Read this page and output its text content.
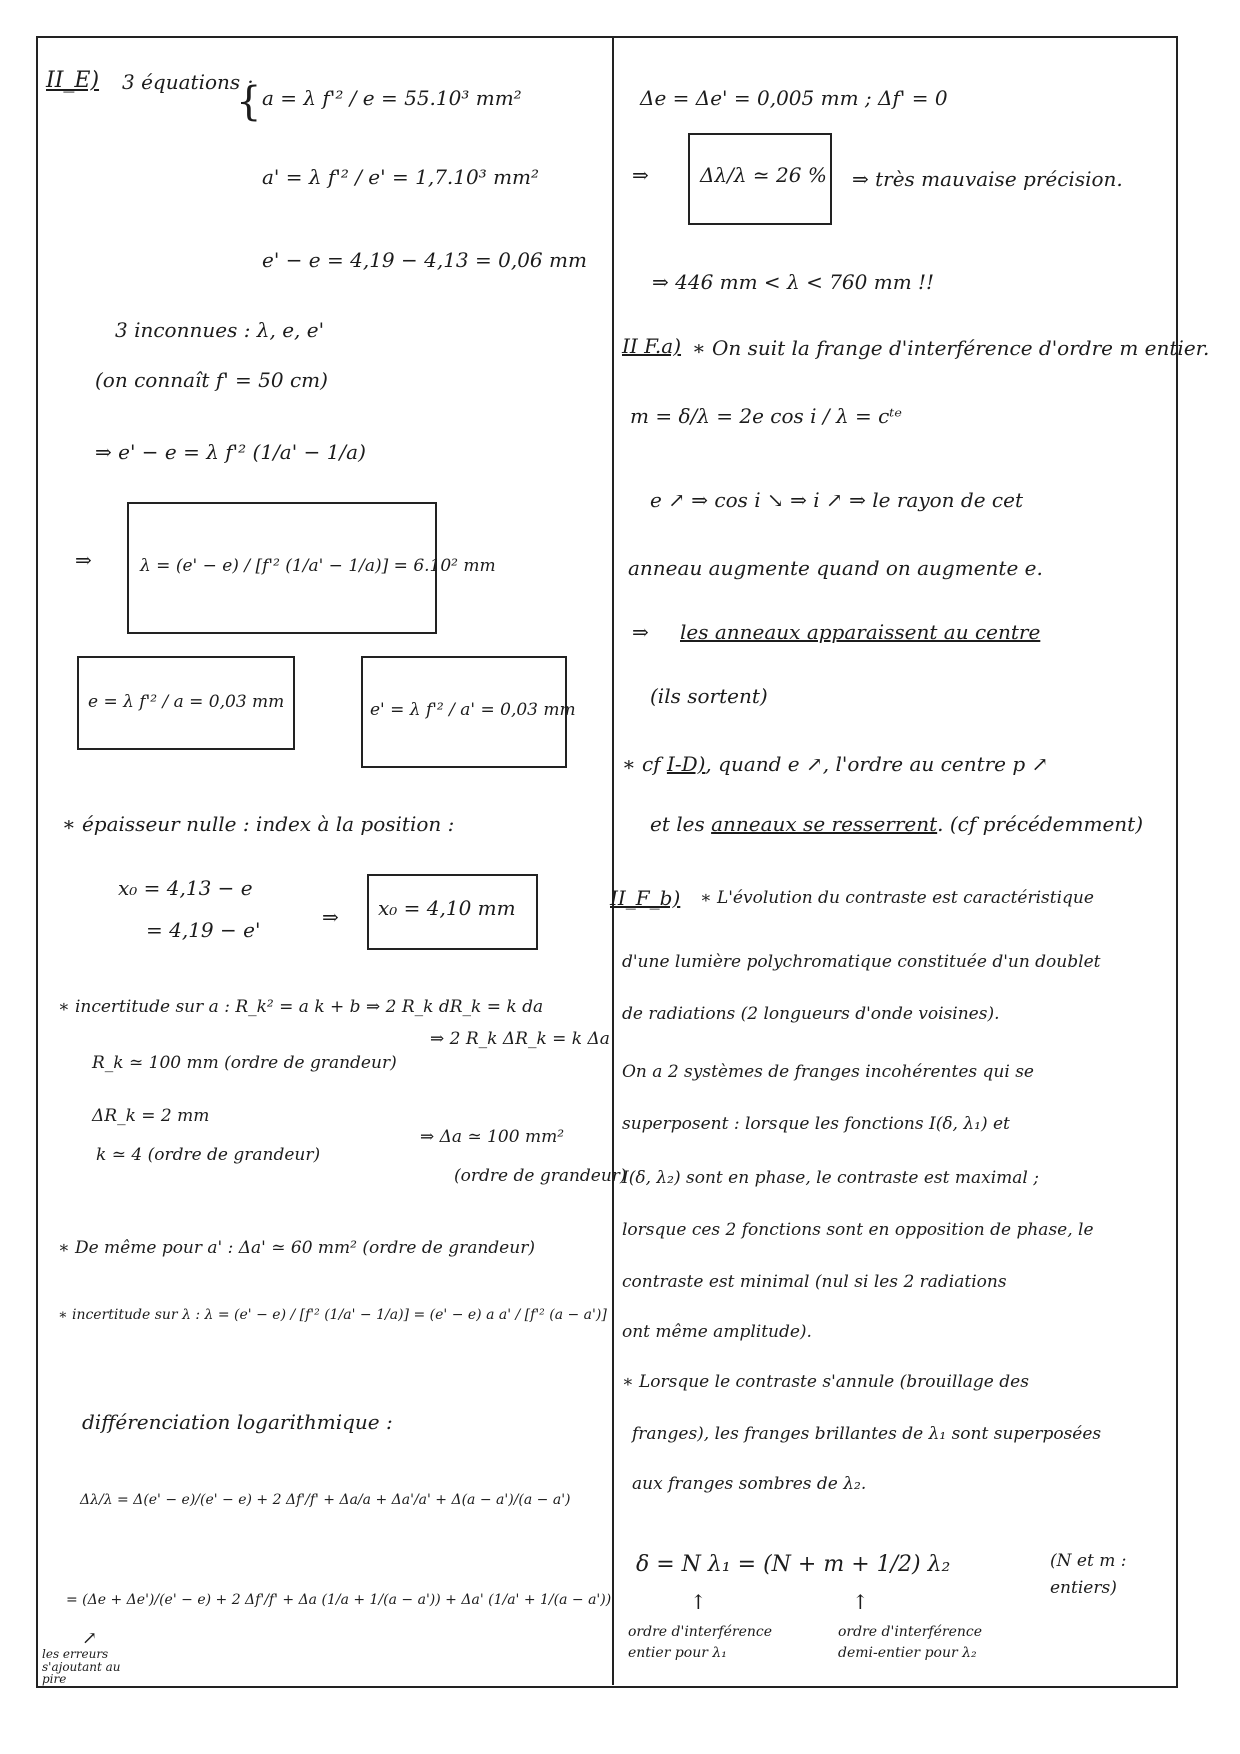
II_E) 3 équations :
{ a = λ f'² / e = 55.10³ mm²
a' = λ f'² / e' = 1,7.10³ mm²
e' − e = 4,19 − 4,13 = 0,06 mm
3 inconnues : λ, e, e'
(on connaît f' = 50 cm)
⇒ e' − e = λ f'² (1/a' − 1/a)
⇒	λ = (e' − e) / [f'² (1/a' − 1/a)] = 6.10² mm
e = λ f'² / a = 0,03 mm	e' = λ f'² / a' = 0,03 mm
∗ épaisseur nulle : index à la position :
x₀ = 4,13 − e
= 4,19 − e'
⇒ x₀ = 4,10 mm
∗ incertitude sur a : R_k² = a k + b ⇒ 2 R_k dR_k = k da
⇒ 2 R_k ΔR_k = k Δa
R_k ≃ 100 mm (ordre de grandeur)
ΔR_k = 2 mm
k ≃ 4 (ordre de grandeur)
⇒ Δa ≃ 100 mm²
(ordre de grandeur)
∗ De même pour a' : Δa' ≃ 60 mm² (ordre de grandeur)
∗ incertitude sur λ : λ = (e' − e) / [f'² (1/a' − 1/a)] = (e' − e) a a' / [f'² (a − a')]
différenciation logarithmique :
Δλ/λ = Δ(e' − e)/(e' − e) + 2 Δf'/f' + Δa/a + Δa'/a' + Δ(a − a')/(a − a')
= (Δe + Δe')/(e' − e) + 2 Δf'/f' + Δa (1/a + 1/(a − a')) + Δa' (1/a' + 1/(a − a'))
↗
les erreurs s'ajoutant au pire
Δe = Δe' = 0,005 mm ; Δf' = 0
⇒	Δλ/λ ≃ 26 % ⇒ très mauvaise précision.
⇒ 446 mm < λ < 760 mm !!
II F.a) ∗ On suit la frange d'interférence d'ordre m entier.
m = δ/λ = 2e cos i / λ = cᵗᵉ
e ↗ ⇒ cos i ↘ ⇒ i ↗ ⇒ le rayon de cet
anneau augmente quand on augmente e.
⇒ les anneaux apparaissent au centre
(ils sortent)
∗ cf I-D), quand e ↗, l'ordre au centre p ↗
et les anneaux se resserrent. (cf précédemment)
II_F_b) ∗ L'évolution du contraste est caractéristique
d'une lumière polychromatique constituée d'un doublet
de radiations (2 longueurs d'onde voisines).
On a 2 systèmes de franges incohérentes qui se
superposent : lorsque les fonctions I(δ, λ₁) et
I(δ, λ₂) sont en phase, le contraste est maximal ;
lorsque ces 2 fonctions sont en opposition de phase, le
contraste est minimal (nul si les 2 radiations
ont même amplitude).
∗ Lorsque le contraste s'annule (brouillage des
franges), les franges brillantes de λ₁ sont superposées
aux franges sombres de λ₂.
δ = N λ₁ = (N + m + 1/2) λ₂	(N et m : entiers)
↑	↑
ordre d'interférence entier pour λ₁
ordre d'interférence demi-entier pour λ₂
